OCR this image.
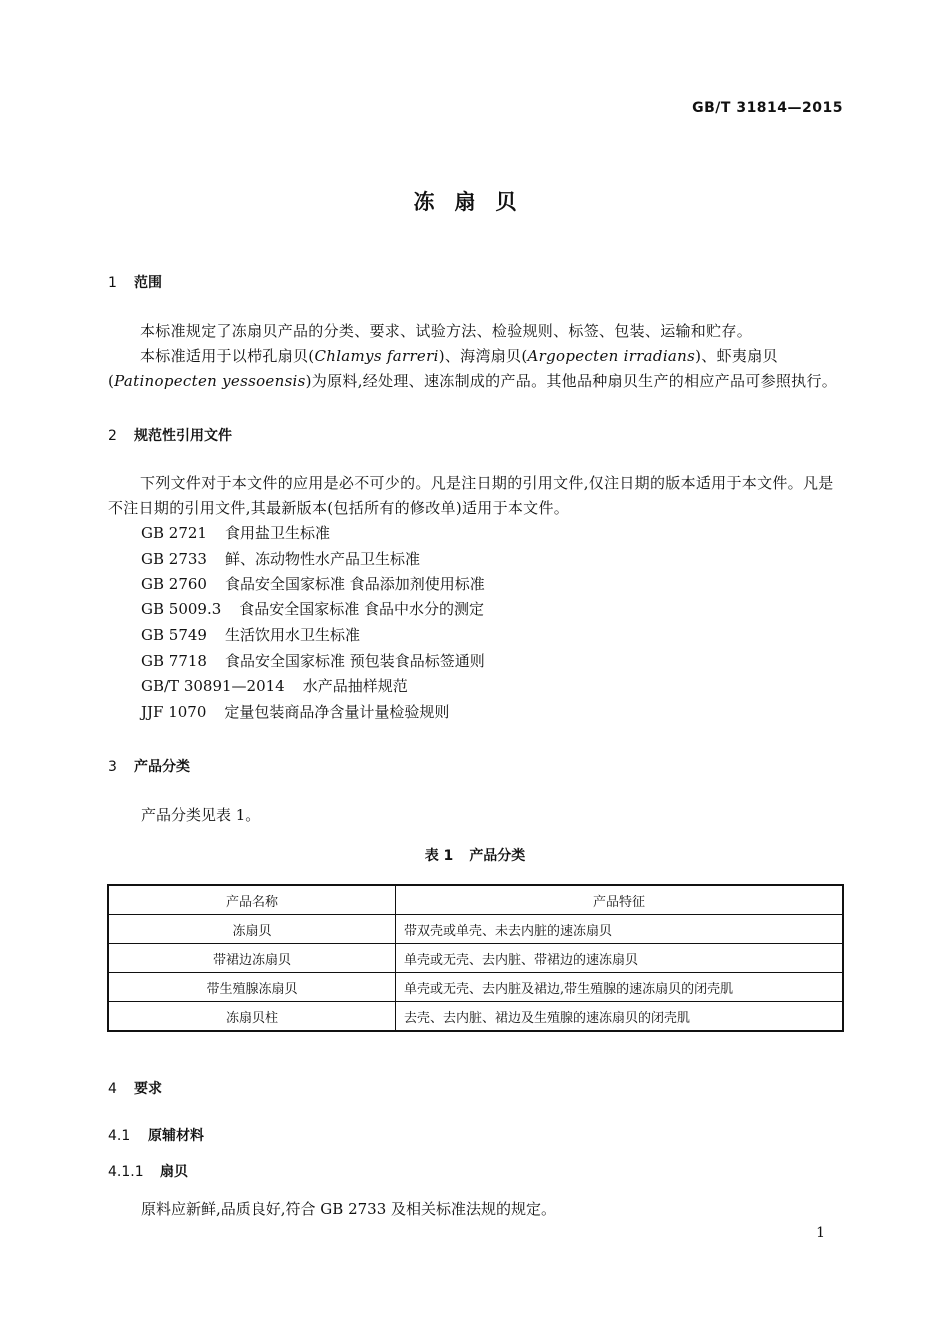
GB/T 31814—2015
冻扇贝
1 范围

本标准规定了冻扇贝产品的分类、要求、试验方法、检验规则、标签、包装、运输和贮存。

本标准适用于以栉孔扇贝(Chlamys farreri)、海湾扇贝(Argopecten irradians)、虾夷扇贝(Patinopecten yessoensis)为原料,经处理、速冻制成的产品。其他品种扇贝生产的相应产品可参照执行。

2 规范性引用文件

下列文件对于本文件的应用是必不可少的。凡是注日期的引用文件,仅注日期的版本适用于本文件。凡是不注日期的引用文件,其最新版本(包括所有的修改单)适用于本文件。

GB 2721 食用盐卫生标准
GB 2733 鲜、冻动物性水产品卫生标准
GB 2760 食品安全国家标准 食品添加剂使用标准
GB 5009.3 食品安全国家标准 食品中水分的测定
GB 5749 生活饮用水卫生标准
GB 7718 食品安全国家标准 预包装食品标签通则
GB/T 30891—2014 水产品抽样规范
JJF 1070 定量包装商品净含量计量检验规则
3 产品分类
产品分类见表 1。
表 1 产品分类
产品名称	产品特征
冻扇贝	带双壳或单壳、未去内脏的速冻扇贝
带裙边冻扇贝	单壳或无壳、去内脏、带裙边的速冻扇贝
带生殖腺冻扇贝	单壳或无壳、去内脏及裙边,带生殖腺的速冻扇贝的闭壳肌
冻扇贝柱	去壳、去内脏、裙边及生殖腺的速冻扇贝的闭壳肌
4 要求
4.1 原辅材料
4.1.1 扇贝
原料应新鲜,品质良好,符合 GB 2733 及相关标准法规的规定。
1
